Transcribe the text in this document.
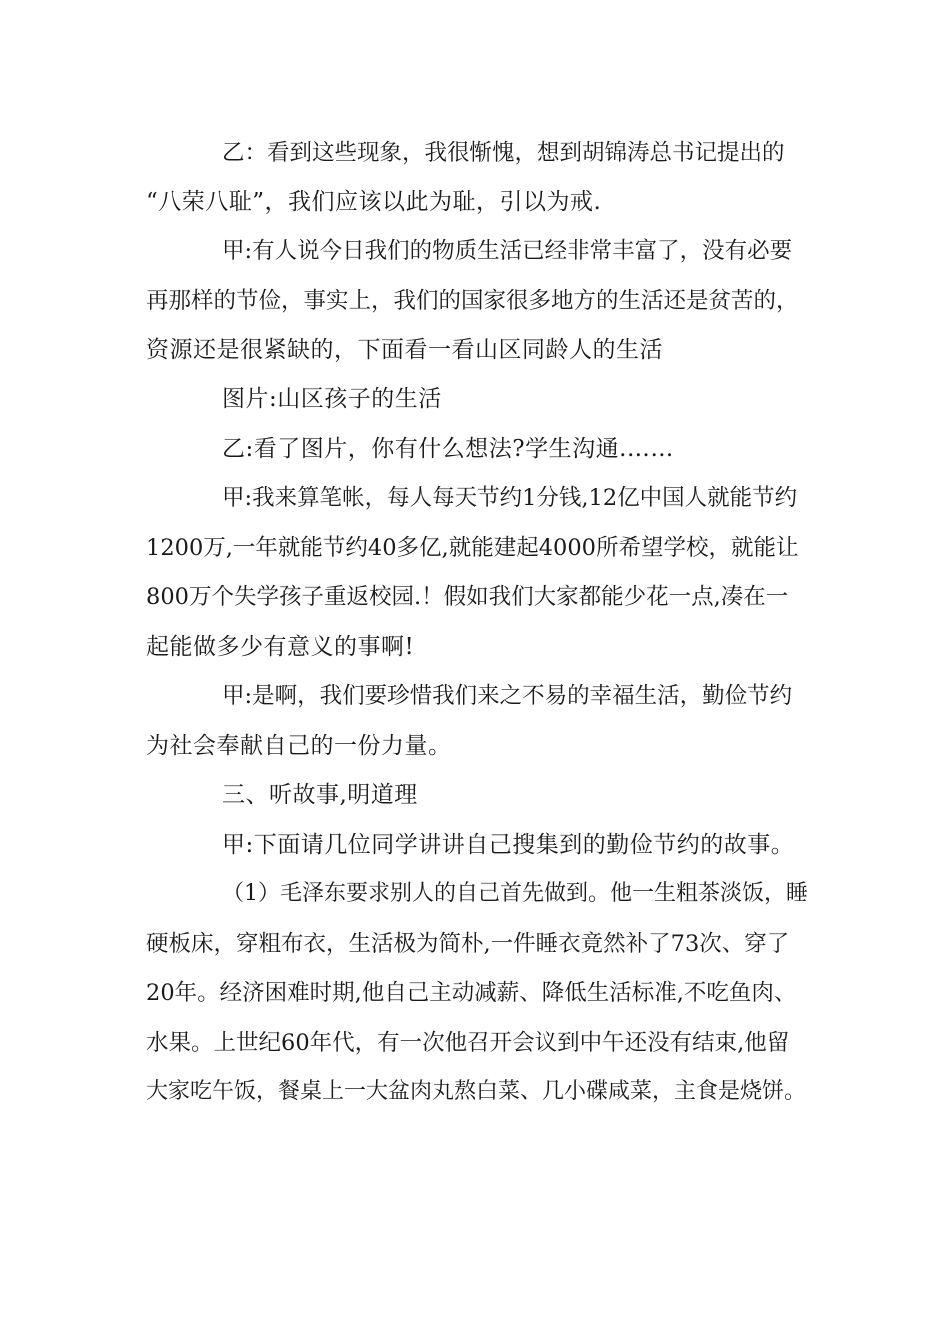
乙：看到这些现象，我很惭愧，想到胡锦涛总书记提出的
“八荣八耻”，我们应该以此为耻，引以为戒.
甲:有人说今日我们的物质生活已经非常丰富了，没有必要
再那样的节俭，事实上，我们的国家很多地方的生活还是贫苦的，
资源还是很紧缺的，下面看一看山区同龄人的生活
图片:山区孩子的生活
乙:看了图片，你有什么想法?学生沟通.……
甲:我来算笔帐，每人每天节约1分钱,12亿中国人就能节约
1200万,一年就能节约40多亿,就能建起4000所希望学校，就能让
800万个失学孩子重返校园.！假如我们大家都能少花一点,凑在一
起能做多少有意义的事啊!
甲:是啊，我们要珍惜我们来之不易的幸福生活，勤俭节约
为社会奉献自己的一份力量。
三、听故事,明道理
甲:下面请几位同学讲讲自己搜集到的勤俭节约的故事。
（1）毛泽东要求别人的自己首先做到。他一生粗茶淡饭，睡
硬板床，穿粗布衣，生活极为简朴,一件睡衣竟然补了73次、穿了
20年。经济困难时期,他自己主动减薪、降低生活标准,不吃鱼肉、
水果。上世纪60年代，有一次他召开会议到中午还没有结束,他留
大家吃午饭，餐桌上一大盆肉丸熬白菜、几小碟咸菜，主食是烧饼。
